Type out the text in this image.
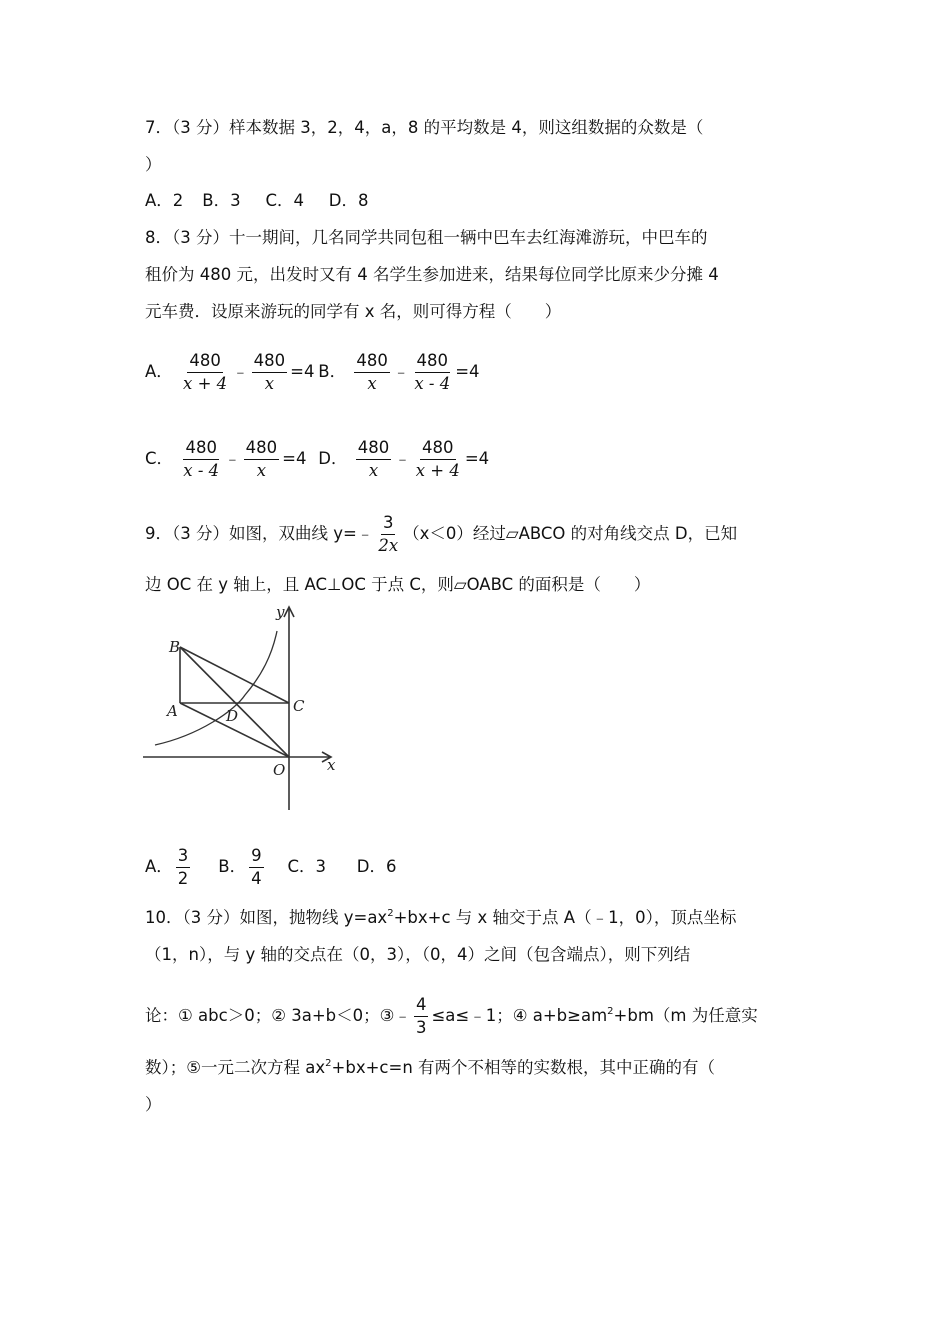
7．（3 分）样本数据 3，2，4，a，8 的平均数是 4，则这组数据的众数是（
）
A．2 B．3 C．4 D．8
8．（3 分）十一期间，几名同学共同包租一辆中巴车去红海滩游玩，中巴车的
租价为 480 元，出发时又有 4 名学生参加进来，结果每位同学比原来少分摊 4
元车费．设原来游玩的同学有 x 名，则可得方程（　　）
A． $\frac{480}{x + 4}$ ﹣ $\frac{480}{x} =4$ B． $\frac{480}{x}$ ﹣ $\frac{480}{x - 4} =4$
C． $\frac{480}{x - 4}$ ﹣ $\frac{480}{x} =4$ D． $\frac{480}{x}$ ﹣ $\frac{480}{x + 4} =4$
9．（3 分）如图，双曲线 y=﹣ $\frac{3}{2x} (x<0)$经过▱ABCO 的对角线交点 D，已知
边 OC 在 y 轴上，且 AC⊥OC 于点 C，则▱OABC 的面积是（　　）
B
A	D
C
O	x
y
A． $\frac{3}{2}$ B． $\frac{9}{4}$ C．3 D．6
10．（3 分）如图，抛物线 $y=ax^2+bx+c$ 与 x 轴交于点 A（﹣1，0），顶点坐标
（1，n），与 y 轴的交点在（0，3），（0，4）之间（包含端点），则下列结
论：① abc＞0；② 3a+b＜0；③﹣ $\frac{4}{3}$ ≤a≤﹣1；④ $a+b\ge am^2+bm(m$ 为任意实
数）；⑤一元二次方程 $ax^2+bx+c=n$ 有两个不相等的实数根，其中正确的有（
）
